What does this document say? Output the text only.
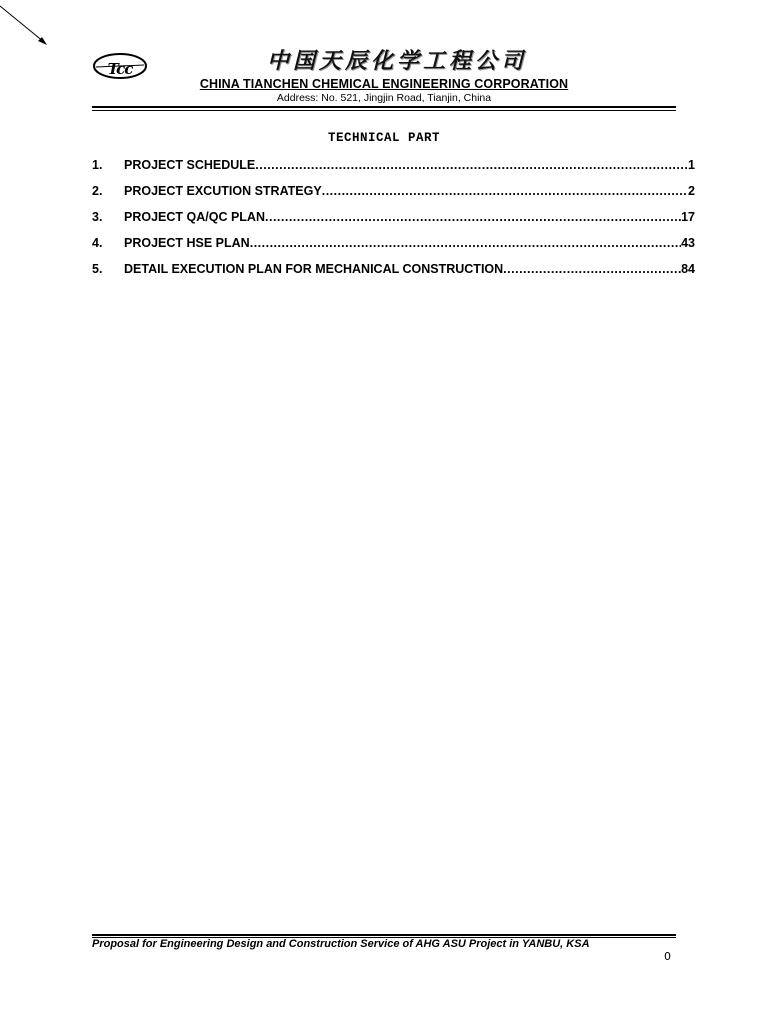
Tcc	中国天辰化学工程公司
CHINA TIANCHEN CHEMICAL ENGINEERING CORPORATION
Address: No. 521, Jingjin Road, Tianjin, China
TECHNICAL PART
1.	PROJECT SCHEDULE .....	1
2.	PROJECT EXCUTION STRATEGY .....	2
3.	PROJECT QA/QC PLAN .....	17
4.	PROJECT HSE PLAN .....	43
5.	DETAIL EXECUTION PLAN FOR MECHANICAL CONSTRUCTION .....	84
Proposal for Engineering Design and Construction Service of AHG ASU Project in YANBU, KSA
0
